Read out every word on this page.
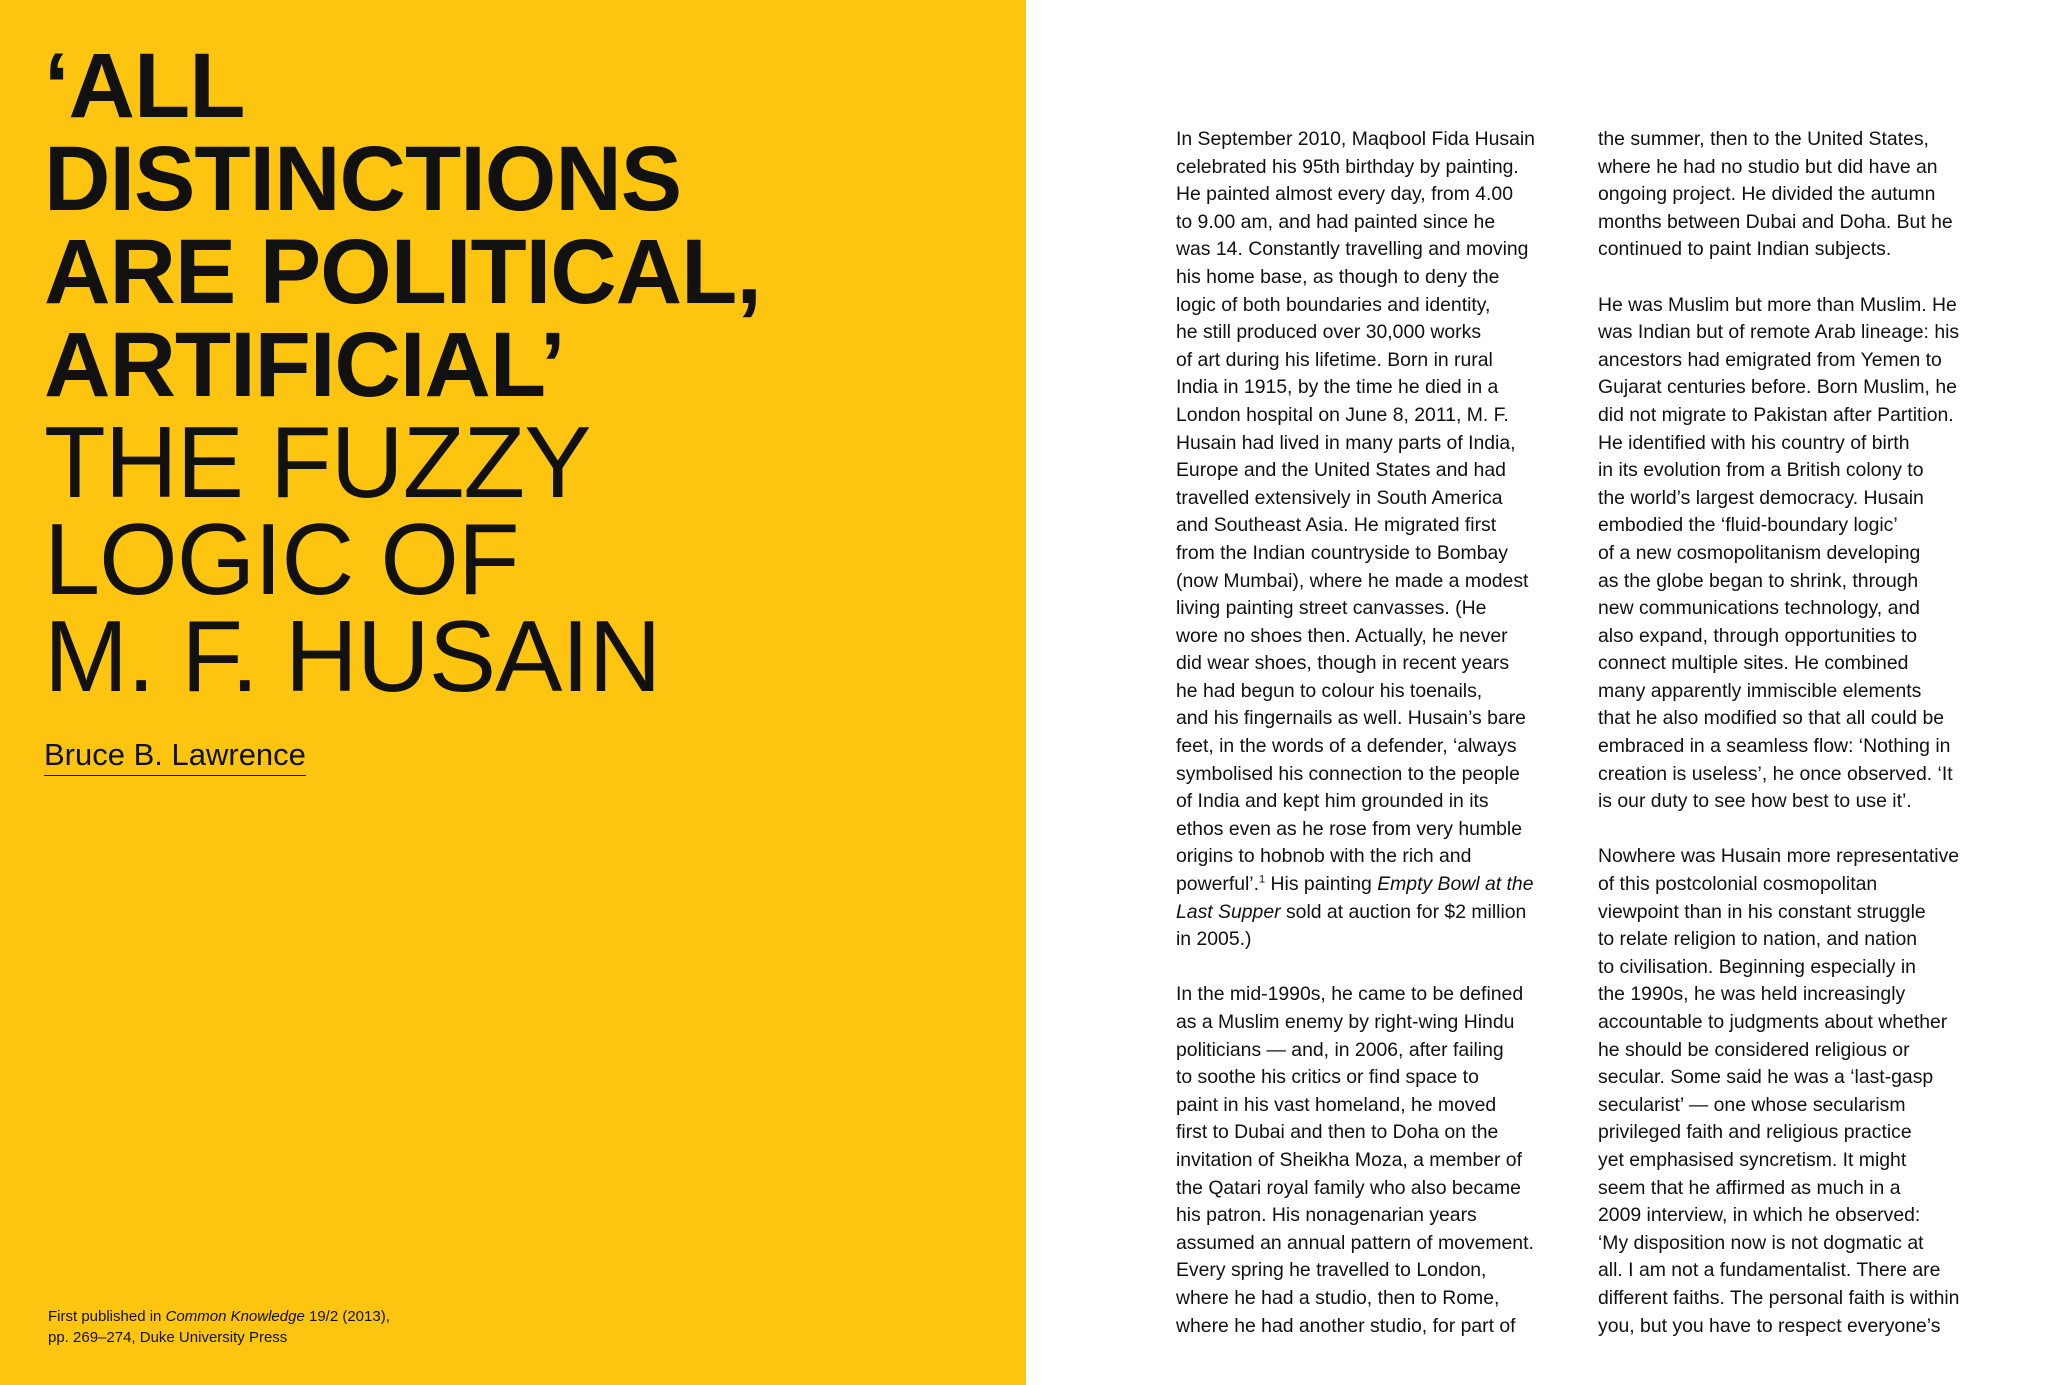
‘ALL
DISTINCTIONS
ARE POLITICAL,
ARTIFICIAL’
THE FUZZY
LOGIC OF
M. F. HUSAIN
Bruce B. Lawrence
First published in Common Knowledge 19/2 (2013),
pp. 269–274, Duke University Press

In September 2010, Maqbool Fida Husain
celebrated his 95th birthday by painting.
He painted almost every day, from 4.00
to 9.00 am, and had painted since he
was 14. Constantly travelling and moving
his home base, as though to deny the
logic of both boundaries and identity,
he still produced over 30,000 works
of art during his lifetime. Born in rural
India in 1915, by the time he died in a
London hospital on June 8, 2011, M. F.
Husain had lived in many parts of India,
Europe and the United States and had
travelled extensively in South America
and Southeast Asia. He migrated first
from the Indian countryside to Bombay
(now Mumbai), where he made a modest
living painting street canvasses. (He
wore no shoes then. Actually, he never
did wear shoes, though in recent years
he had begun to colour his toenails,
and his fingernails as well. Husain’s bare
feet, in the words of a defender, ‘always
symbolised his connection to the people
of India and kept him grounded in its
ethos even as he rose from very humble
origins to hobnob with the rich and
powerful’.$^1$ His painting Empty Bowl at the
Last Supper sold at auction for $2 million
in 2005.)

In the mid-1990s, he came to be defined
as a Muslim enemy by right-wing Hindu
politicians — and, in 2006, after failing
to soothe his critics or find space to
paint in his vast homeland, he moved
first to Dubai and then to Doha on the
invitation of Sheikha Moza, a member of
the Qatari royal family who also became
his patron. His nonagenarian years
assumed an annual pattern of movement.
Every spring he travelled to London,
where he had a studio, then to Rome,
where he had another studio, for part of

the summer, then to the United States,
where he had no studio but did have an
ongoing project. He divided the autumn
months between Dubai and Doha. But he
continued to paint Indian subjects.

He was Muslim but more than Muslim. He
was Indian but of remote Arab lineage: his
ancestors had emigrated from Yemen to
Gujarat centuries before. Born Muslim, he
did not migrate to Pakistan after Partition.
He identified with his country of birth
in its evolution from a British colony to
the world’s largest democracy. Husain
embodied the ‘fluid-boundary logic’
of a new cosmopolitanism developing
as the globe began to shrink, through
new communications technology, and
also expand, through opportunities to
connect multiple sites. He combined
many apparently immiscible elements
that he also modified so that all could be
embraced in a seamless flow: ‘Nothing in
creation is useless’, he once observed. ‘It
is our duty to see how best to use it’.

Nowhere was Husain more representative
of this postcolonial cosmopolitan
viewpoint than in his constant struggle
to relate religion to nation, and nation
to civilisation. Beginning especially in
the 1990s, he was held increasingly
accountable to judgments about whether
he should be considered religious or
secular. Some said he was a ‘last-gasp
secularist’ — one whose secularism
privileged faith and religious practice
yet emphasised syncretism. It might
seem that he affirmed as much in a
2009 interview, in which he observed:
‘My disposition now is not dogmatic at
all. I am not a fundamentalist. There are
different faiths. The personal faith is within
you, but you have to respect everyone’s
